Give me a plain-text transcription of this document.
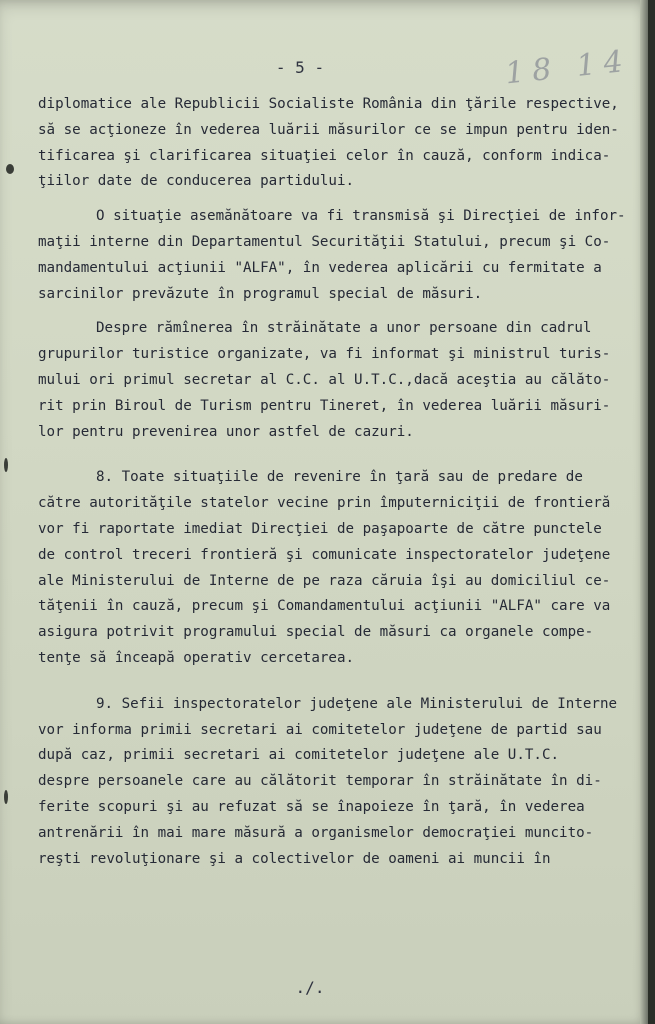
- 5 -	18 14
diplomatice ale Republicii Socialiste România din ţările respective,
să se acţioneze în vederea luării măsurilor ce se impun pentru iden-
tificarea şi clarificarea situaţiei celor în cauză, conform indica-
ţiilor date de conducerea partidului.
O situaţie asemănătoare va fi transmisă şi Direcţiei de infor-
maţii interne din Departamentul Securităţii Statului, precum şi Co-
mandamentului acţiunii "ALFA", în vederea aplicării cu fermitate a
sarcinilor prevăzute în programul special de măsuri.
Despre rămînerea în străinătate a unor persoane din cadrul
grupurilor turistice organizate, va fi informat şi ministrul turis-
mului ori primul secretar al C.C. al U.T.C.,dacă aceştia au călăto-
rit prin Biroul de Turism pentru Tineret, în vederea luării măsuri-
lor pentru prevenirea unor astfel de cazuri.
8. Toate situaţiile de revenire în ţară sau de predare de
către autorităţile statelor vecine prin împuterniciţii de frontieră
vor fi raportate imediat Direcţiei de paşapoarte de către punctele
de control treceri frontieră şi comunicate inspectoratelor judeţene
ale Ministerului de Interne de pe raza căruia îşi au domiciliul ce-
tăţenii în cauză, precum şi Comandamentului acţiunii "ALFA" care va
asigura potrivit programului special de măsuri ca organele compe-
tenţe să înceapă operativ cercetarea.
9. Sefii inspectoratelor judeţene ale Ministerului de Interne
vor informa primii secretari ai comitetelor judeţene de partid sau
după caz, primii secretari ai comitetelor judeţene ale U.T.C.
despre persoanele care au călătorit temporar în străinătate în di-
ferite scopuri şi au refuzat să se înapoieze în ţară, în vederea
antrenării în mai mare măsură a organismelor democraţiei muncito-
reşti revoluţionare şi a colectivelor de oameni ai muncii în
./.
